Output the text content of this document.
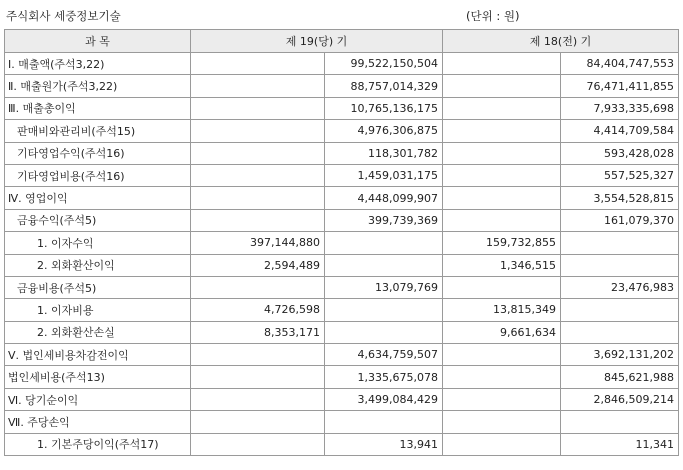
주식회사 세중정보기술	(단위 : 원)
과 목	제 19(당) 기		제 18(전) 기	
Ⅰ. 매출액(주석3,22)		99,522,150,504		84,404,747,553
Ⅱ. 매출원가(주석3,22)		88,757,014,329		76,471,411,855
Ⅲ. 매출총이익		10,765,136,175		7,933,335,698
판매비와관리비(주석15)		4,976,306,875		4,414,709,584
기타영업수익(주석16)		118,301,782		593,428,028
기타영업비용(주석16)		1,459,031,175		557,525,327
Ⅳ. 영업이익		4,448,099,907		3,554,528,815
금융수익(주석5)		399,739,369		161,079,370
1. 이자수익	397,144,880		159,732,855	
2. 외화환산이익	2,594,489		1,346,515	
금융비용(주석5)		13,079,769		23,476,983
1. 이자비용	4,726,598		13,815,349	
2. 외화환산손실	8,353,171		9,661,634	
Ⅴ. 법인세비용차감전이익		4,634,759,507		3,692,131,202
법인세비용(주석13)		1,335,675,078		845,621,988
Ⅵ. 당기순이익		3,499,084,429		2,846,509,214
Ⅶ. 주당손익				
1. 기본주당이익(주석17)		13,941		11,341
